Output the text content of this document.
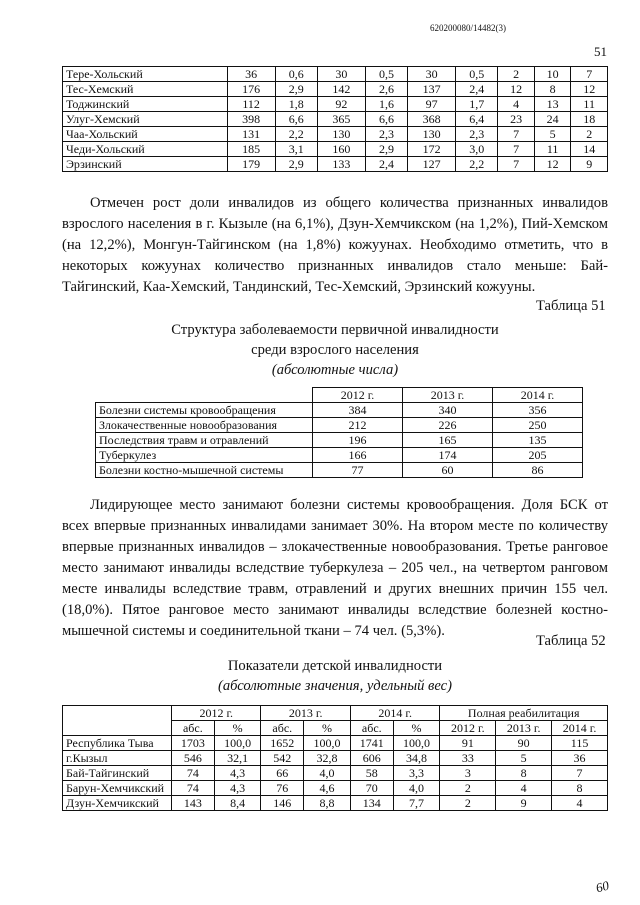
620200080/14482(3)
51
Тере-Хольский	36	0,6	30	0,5	30	0,5	2	10	7
Тес-Хемский	176	2,9	142	2,6	137	2,4	12	8	12
Тоджинский	112	1,8	92	1,6	97	1,7	4	13	11
Улуг-Хемский	398	6,6	365	6,6	368	6,4	23	24	18
Чаа-Хольский	131	2,2	130	2,3	130	2,3	7	5	2
Чеди-Хольский	185	3,1	160	2,9	172	3,0	7	11	14
Эрзинский	179	2,9	133	2,4	127	2,2	7	12	9

Отмечен рост доли инвалидов из общего количества признанных инвалидов взрослого населения в г. Кызыле (на 6,1%), Дзун-Хемчикском (на 1,2%), Пий-Хемском (на 12,2%), Монгун-Тайгинском (на 1,8%) кожуунах. Необходимо отметить, что в некоторых кожуунах количество признанных инвалидов стало меньше: Бай-Тайгинский, Каа-Хемский, Тандинский, Тес-Хемский, Эрзинский кожууны.

Таблица 51
Структура заболеваемости первичной инвалидности
среди взрослого населения
(абсолютные числа)
	2012 г.	2013 г.	2014 г.
Болезни системы кровообращения	384	340	356
Злокачественные новообразования	212	226	250
Последствия травм и отравлений	196	165	135
Туберкулез	166	174	205
Болезни костно-мышечной системы	77	60	86

Лидирующее место занимают болезни системы кровообращения. Доля БСК от всех впервые признанных инвалидами занимает 30%. На втором месте по количеству впервые признанных инвалидов – злокачественные новообразования. Третье ранговое место занимают инвалиды вследствие туберкулеза – 205 чел., на четвертом ранговом месте инвалиды вследствие травм, отравлений и других внешних причин 155 чел. (18,0%). Пятое ранговое место занимают инвалиды вследствие болезней костно-мышечной системы и соединительной ткани – 74 чел. (5,3%).

Таблица 52
Показатели детской инвалидности
(абсолютные значения, удельный вес)
	2012 г.		2013 г.		2014 г.		Полная реабилитация		
	абс.	%	абс.	%	абс.	%	2012 г.	2013 г.	2014 г.
Республика Тыва	1703	100,0	1652	100,0	1741	100,0	91	90	115
г.Кызыл	546	32,1	542	32,8	606	34,8	33	5	36
Бай-Тайгинский	74	4,3	66	4,0	58	3,3	3	8	7
Барун-Хемчикский	74	4,3	76	4,6	70	4,0	2	4	8
Дзун-Хемчикский	143	8,4	146	8,8	134	7,7	2	9	4
60
